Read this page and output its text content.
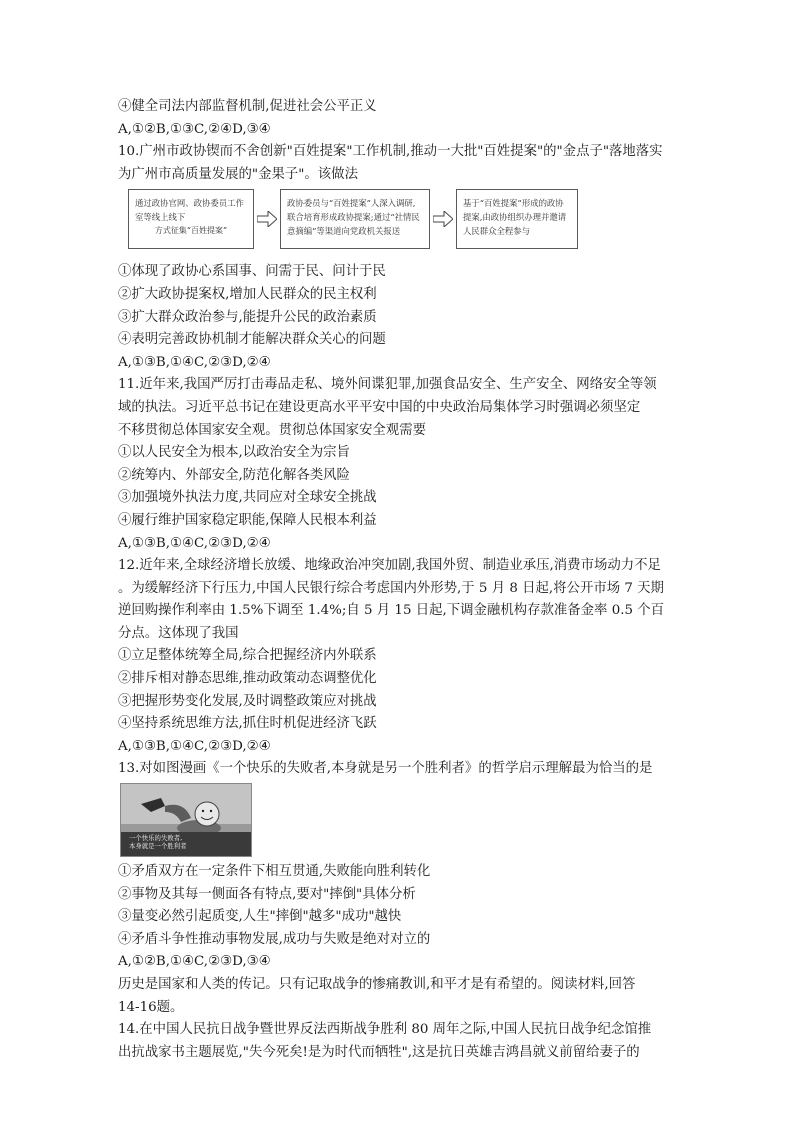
④健全司法内部监督机制,促进社会公平正义
A,①②B,①③C,②④D,③④
10.广州市政协锲而不舍创新"百姓提案"工作机制,推动一大批"百姓提案"的"金点子"落地落实
为广州市高质量发展的"金果子"。该做法
通过政协官网、政协委员工作室等线上线下
方式征集“百姓提案”
政协委员与“百姓提案”人深入调研,联合培育形成政协提案;通过“社情民意摘编”等渠道向党政机关报送
基于“百姓提案”形成的政协提案,由政协组织办理并邀请人民群众全程参与
①体现了政协心系国事、问需于民、问计于民
②扩大政协提案权,增加人民群众的民主权利
③扩大群众政治参与,能提升公民的政治素质
④表明完善政协机制才能解决群众关心的问题
A,①③B,①④C,②③D,②④
11.近年来,我国严厉打击毒品走私、境外间谍犯罪,加强食品安全、生产安全、网络安全等领
域的执法。习近平总书记在建设更高水平平安中国的中央政治局集体学习时强调必须坚定
不移贯彻总体国家安全观。贯彻总体国家安全观需要
①以人民安全为根本,以政治安全为宗旨
②统筹内、外部安全,防范化解各类风险
③加强境外执法力度,共同应对全球安全挑战
④履行维护国家稳定职能,保障人民根本利益
A,①③B,①④C,②③D,②④
12.近年来,全球经济增长放缓、地缘政治冲突加剧,我国外贸、制造业承压,消费市场动力不足
。为缓解经济下行压力,中国人民银行综合考虑国内外形势,于 5 月 8 日起,将公开市场 7 天期
逆回购操作利率由 1.5%下调至 1.4%;自 5 月 15 日起,下调金融机构存款准备金率 0.5 个百
分点。这体现了我国
①立足整体统筹全局,综合把握经济内外联系
②排斥相对静态思维,推动政策动态调整优化
③把握形势变化发展,及时调整政策应对挑战
④坚持系统思维方法,抓住时机促进经济飞跃
A,①③B,①④C,②③D,②④
13.对如图漫画《一个快乐的失败者,本身就是另一个胜利者》的哲学启示理解最为恰当的是
一个快乐的失败者,
本身就是一个胜利者
①矛盾双方在一定条件下相互贯通,失败能向胜利转化
②事物及其每一侧面各有特点,要对"摔倒"具体分析
③量变必然引起质变,人生"摔倒"越多"成功"越快
④矛盾斗争性推动事物发展,成功与失败是绝对对立的
A,①②B,①④C,②③D,③④
历史是国家和人类的传记。只有记取战争的惨痛教训,和平才是有希望的。阅读材料,回答
14-16题。
14.在中国人民抗日战争暨世界反法西斯战争胜利 80 周年之际,中国人民抗日战争纪念馆推
出抗战家书主题展览,"失今死矣!是为时代而牺牲",这是抗日英雄吉鸿昌就义前留给妻子的
